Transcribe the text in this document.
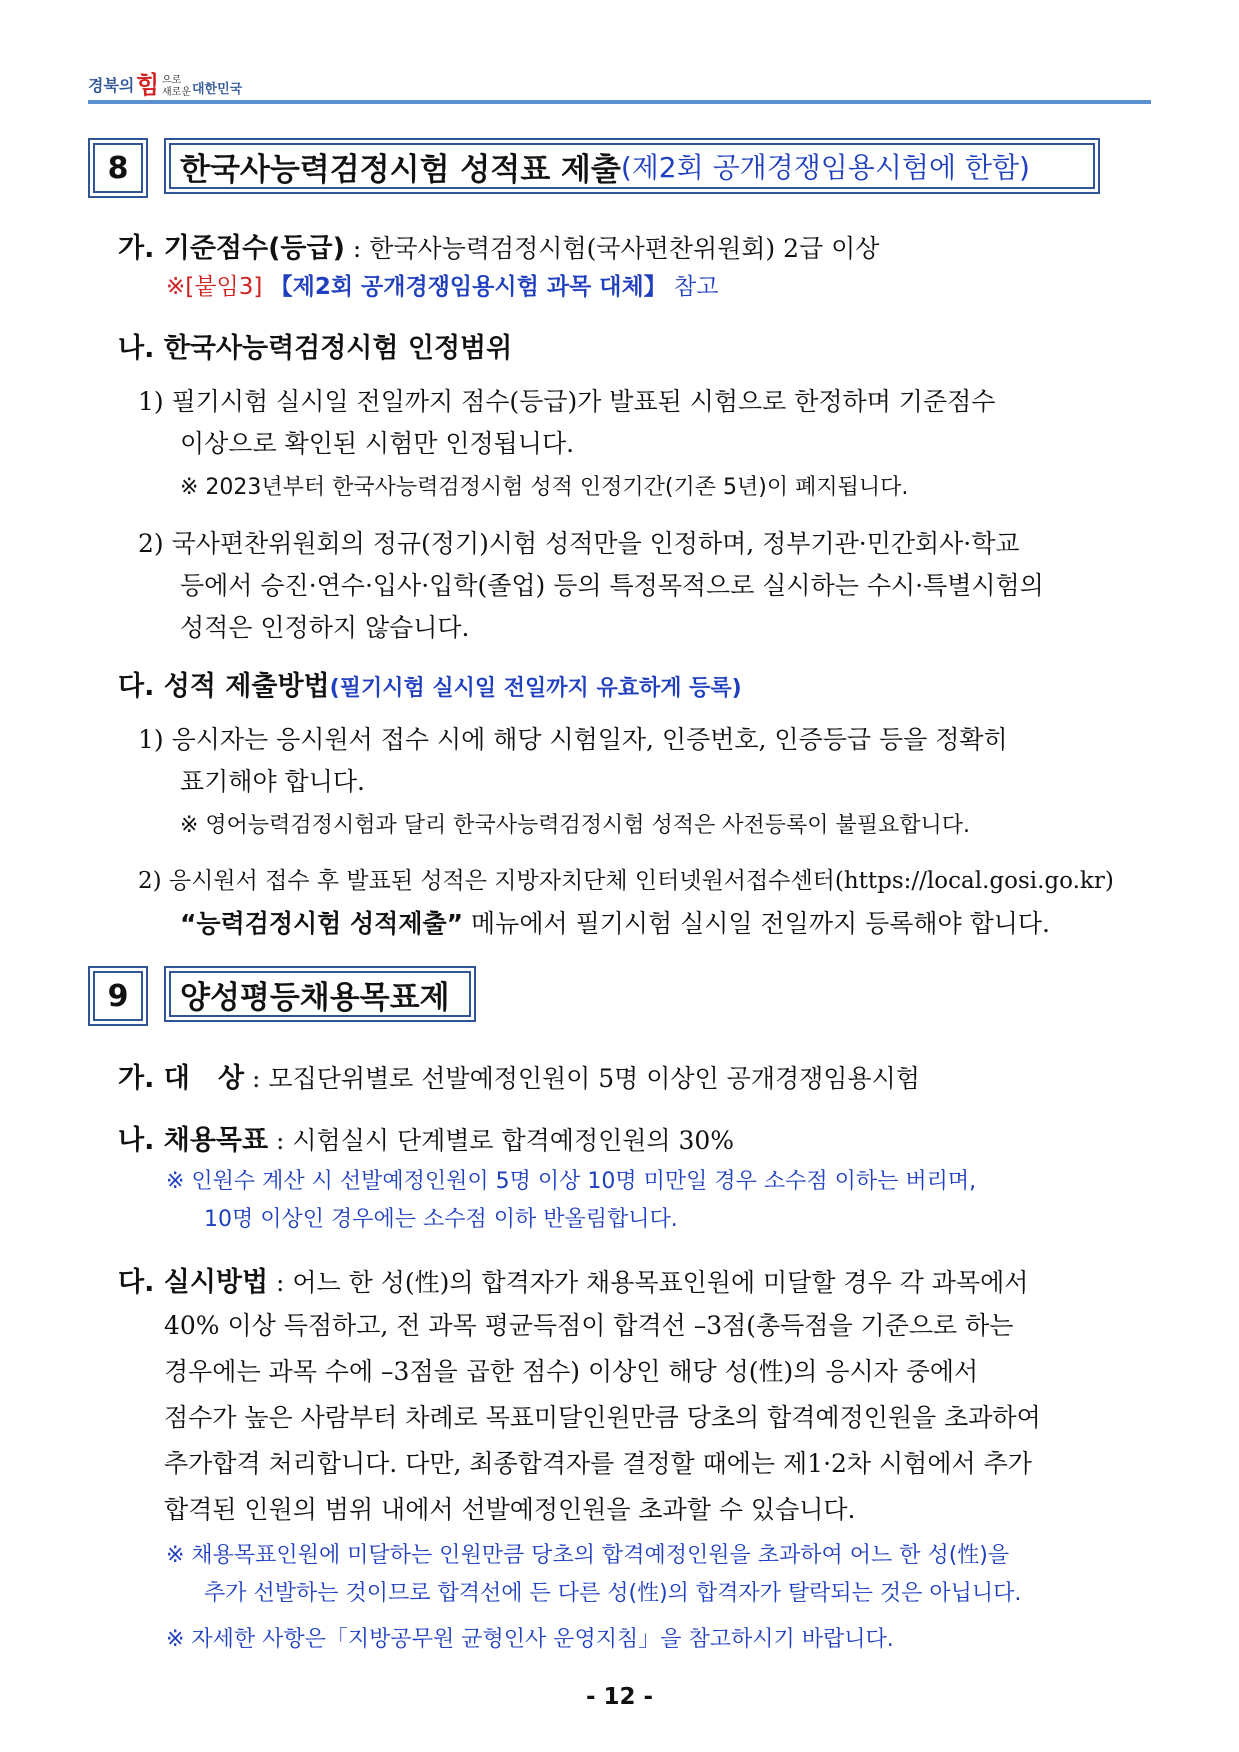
경북의 힘 으로
새로운 대한민국
8	한국사능력검정시험 성적표 제출 (제2회 공개경쟁임용시험에 한함)
가. 기준점수(등급) : 한국사능력검정시험(국사편찬위원회) 2급 이상
※[붙임3] 【제2회 공개경쟁임용시험 과목 대체】 참고
나. 한국사능력검정시험 인정범위
1) 필기시험 실시일 전일까지 점수(등급)가 발표된 시험으로 한정하며 기준점수
이상으로 확인된 시험만 인정됩니다.
※ 2023년부터 한국사능력검정시험 성적 인정기간(기존 5년)이 폐지됩니다.
2) 국사편찬위원회의 정규(정기)시험 성적만을 인정하며, 정부기관·민간회사·학교
등에서 승진·연수·입사·입학(졸업) 등의 특정목적으로 실시하는 수시·특별시험의
성적은 인정하지 않습니다.
다. 성적 제출방법(필기시험 실시일 전일까지 유효하게 등록)
1) 응시자는 응시원서 접수 시에 해당 시험일자, 인증번호, 인증등급 등을 정확히
표기해야 합니다.
※ 영어능력검정시험과 달리 한국사능력검정시험 성적은 사전등록이 불필요합니다.
2) 응시원서 접수 후 발표된 성적은 지방자치단체 인터넷원서접수센터(https://local.gosi.go.kr)
“능력검정시험 성적제출” 메뉴에서 필기시험 실시일 전일까지 등록해야 합니다.
9	양성평등채용목표제
가. 대   상 : 모집단위별로 선발예정인원이 5명 이상인 공개경쟁임용시험
나. 채용목표 : 시험실시 단계별로 합격예정인원의 30%
※ 인원수 계산 시 선발예정인원이 5명 이상 10명 미만일 경우 소수점 이하는 버리며,
10명 이상인 경우에는 소수점 이하 반올림합니다.
다. 실시방법 : 어느 한 성(性)의 합격자가 채용목표인원에 미달할 경우 각 과목에서
40% 이상 득점하고, 전 과목 평균득점이 합격선 –3점(총득점을 기준으로 하는
경우에는 과목 수에 –3점을 곱한 점수) 이상인 해당 성(性)의 응시자 중에서
점수가 높은 사람부터 차례로 목표미달인원만큼 당초의 합격예정인원을 초과하여
추가합격 처리합니다. 다만, 최종합격자를 결정할 때에는 제1·2차 시험에서 추가
합격된 인원의 범위 내에서 선발예정인원을 초과할 수 있습니다.
※ 채용목표인원에 미달하는 인원만큼 당초의 합격예정인원을 초과하여 어느 한 성(性)을
추가 선발하는 것이므로 합격선에 든 다른 성(性)의 합격자가 탈락되는 것은 아닙니다.
※ 자세한 사항은「지방공무원 균형인사 운영지침」을 참고하시기 바랍니다.
- 12 -
